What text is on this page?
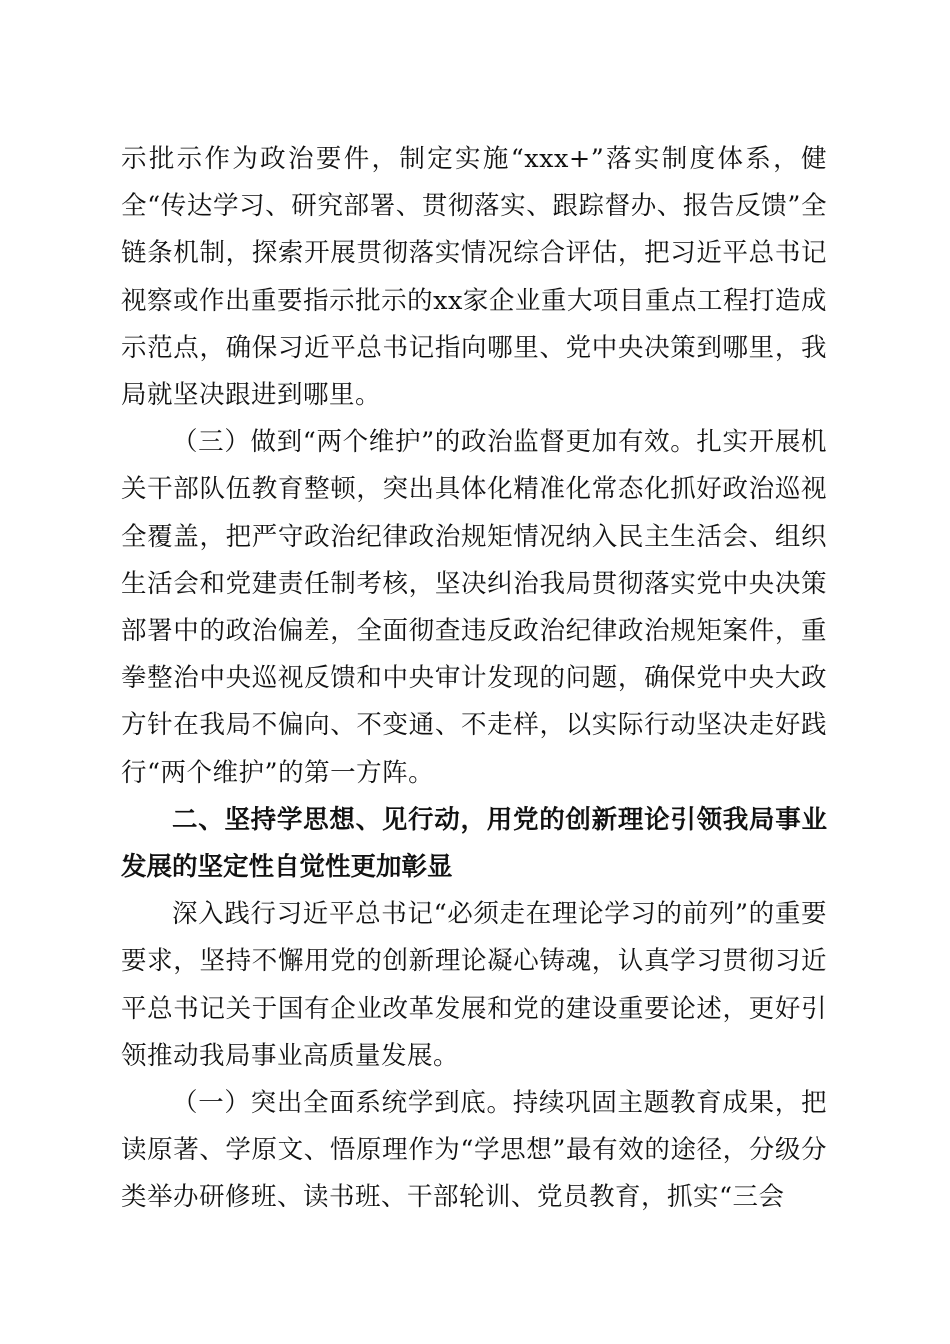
示批示作为政治要件，制定实施“xxx+”落实制度体系，健全“传达学习、研究部署、贯彻落实、跟踪督办、报告反馈”全链条机制，探索开展贯彻落实情况综合评估，把习近平总书记视察或作出重要指示批示的xx家企业重大项目重点工程打造成示范点，确保习近平总书记指向哪里、党中央决策到哪里，我局就坚决跟进到哪里。

（三）做到“两个维护”的政治监督更加有效。扎实开展机关干部队伍教育整顿，突出具体化精准化常态化抓好政治巡视全覆盖，把严守政治纪律政治规矩情况纳入民主生活会、组织生活会和党建责任制考核，坚决纠治我局贯彻落实党中央决策部署中的政治偏差，全面彻查违反政治纪律政治规矩案件，重拳整治中央巡视反馈和中央审计发现的问题，确保党中央大政方针在我局不偏向、不变通、不走样，以实际行动坚决走好践行“两个维护”的第一方阵。

二、坚持学思想、见行动，用党的创新理论引领我局事业发展的坚定性自觉性更加彰显

深入践行习近平总书记“必须走在理论学习的前列”的重要要求，坚持不懈用党的创新理论凝心铸魂，认真学习贯彻习近平总书记关于国有企业改革发展和党的建设重要论述，更好引领推动我局事业高质量发展。

（一）突出全面系统学到底。持续巩固主题教育成果，把读原著、学原文、悟原理作为“学思想”最有效的途径，分级分类举办研修班、读书班、干部轮训、党员教育，抓实“三会
